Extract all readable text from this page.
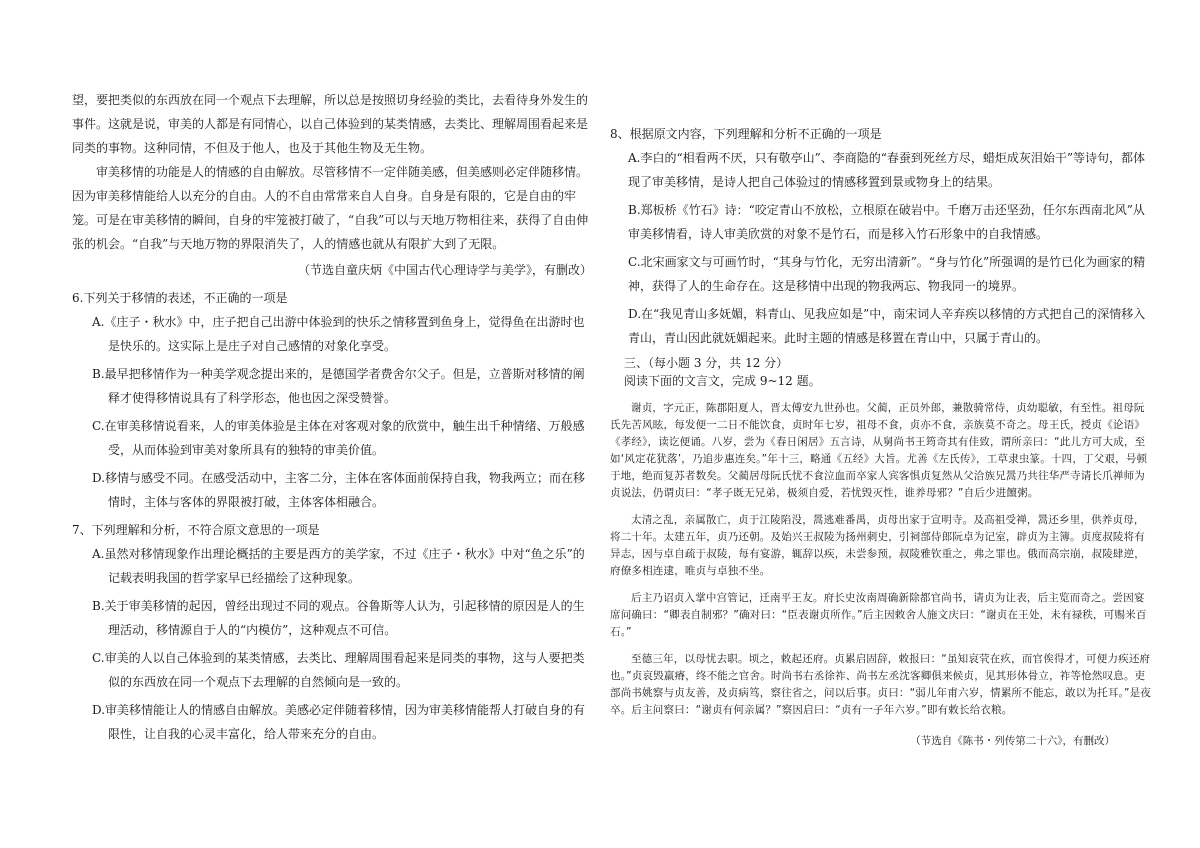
望，要把类似的东西放在同一个观点下去理解，所以总是按照切身经验的类比，去看待身外发生的事件。这就是说，审美的人都是有同情心，以自己体验到的某类情感，去类比、理解周围看起来是同类的事物。这种同情，不但及于他人，也及于其他生物及无生物。

审美移情的功能是人的情感的自由解放。尽管移情不一定伴随美感，但美感则必定伴随移情。因为审美移情能给人以充分的自由。人的不自由常常来自人自身。自身是有限的，它是自由的牢笼。可是在审美移情的瞬间，自身的牢笼被打破了，“自我”可以与天地万物相往来，获得了自由伸张的机会。“自我”与天地万物的界限消失了，人的情感也就从有限扩大到了无限。

（节选自童庆炳《中国古代心理诗学与美学》，有删改）

6.下列关于移情的表述，不正确的一项是

A.《庄子・秋水》中，庄子把自己出游中体验到的快乐之情移置到鱼身上，觉得鱼在出游时也是快乐的。这实际上是庄子对自己感情的对象化享受。

B.最早把移情作为一种美学观念提出来的，是德国学者费舍尔父子。但是，立普斯对移情的阐释才使得移情说具有了科学形态，他也因之深受赞誉。

C.在审美移情说看来，人的审美体验是主体在对客观对象的欣赏中，触生出千种情绪、万般感受，从而体验到审美对象所具有的独特的审美价值。

D.移情与感受不同。在感受活动中，主客二分，主体在客体面前保持自我，物我两立；而在移情时，主体与客体的界限被打破，主体客体相融合。

7、下列理解和分析，不符合原文意思的一项是

A.虽然对移情现象作出理论概括的主要是西方的美学家，不过《庄子・秋水》中对“鱼之乐”的记载表明我国的哲学家早已经描绘了这种现象。

B.关于审美移情的起因，曾经出现过不同的观点。谷鲁斯等人认为，引起移情的原因是人的生理活动，移情源自于人的“内模仿”，这种观点不可信。

C.审美的人以自己体验到的某类情感，去类比、理解周围看起来是同类的事物，这与人要把类似的东西放在同一个观点下去理解的自然倾向是一致的。

D.审美移情能让人的情感自由解放。美感必定伴随着移情，因为审美移情能帮人打破自身的有限性，让自我的心灵丰富化，给人带来充分的自由。

8、根据原文内容，下列理解和分析不正确的一项是

A.李白的“相看两不厌，只有敬亭山”、李商隐的“春蚕到死丝方尽，蜡炬成灰泪始干”等诗句，都体现了审美移情，是诗人把自己体验过的情感移置到景或物身上的结果。

B.郑板桥《竹石》诗：“咬定青山不放松，立根原在破岩中。千磨万击还坚劲，任尔东西南北风”从审美移情看，诗人审美欣赏的对象不是竹石，而是移入竹石形象中的自我情感。

C.北宋画家文与可画竹时，“其身与竹化，无穷出清新”。“身与竹化”所强调的是竹已化为画家的精神，获得了人的生命存在。这是移情中出现的物我两忘、物我同一的境界。

D.在“我见青山多妩媚，料青山、见我应如是”中，南宋词人辛弃疾以移情的方式把自己的深情移入青山，青山因此就妩媚起来。此时主题的情感是移置在青山中，只属于青山的。

三、（每小题 3 分，共 12 分）

阅读下面的文言文，完成 9~12 题。

谢贞，字元正，陈郡阳夏人，晋太傅安九世孙也。父蔺，正员外郎，兼散骑常侍，贞幼聪敏，有至性。祖母阮氏先苦风眩，每发便一二日不能饮食，贞时年七岁，祖母不食，贞亦不食，亲族莫不奇之。母王氏，授贞《论语》《孝经》，读讫便诵。八岁，尝为《春日闲居》五言诗，从舅尚书王筠奇其有佳致，谓所亲曰：“此儿方可大成，至如‘风定花犹落’，乃追步惠连矣。”年十三，略通《五经》大旨。尤善《左氏传》，工草隶虫篆。十四，丁父艰，号顿于地，绝而复苏者数矣。父蔺居母阮氏忧不食泣血而卒家人宾客惧贞复然从父洽族兄暠乃共往华严寺请长爪禅师为贞说法，仍谓贞曰：“孝子既无兄弟，极须自爱，若忧毁灭性，谁养母邪？”自后少进饘粥。

太清之乱，亲属散亡，贞于江陵陷没，暠逃难番禺，贞母出家于宣明寺。及高祖受禅，暠还乡里，供养贞母，将二十年。太建五年，贞乃还朝。及始兴王叔陵为扬州刺史，引祠部侍郎阮卓为记室，辟贞为主簿。贞度叔陵将有异志，因与卓自疏于叔陵，每有宴游，辄辞以疾，未尝参预，叔陵雅钦重之，弗之罪也。俄而高宗崩，叔陵肆逆，府僚多相连逮，唯贞与卓独不坐。

后主乃诏贞入掌中宫管记，迁南平王友。府长史汝南周确新除都官尚书，请贞为让表，后主览而奇之。尝因宴席问确曰：“卿表自制邪？”确对曰：“臣表谢贞所作。”后主因敕舍人施文庆曰：“谢贞在王处，未有禄秩，可赐米百石。”

至德三年，以母忧去职。顷之，敕起还府。贞累启固辞，敕报曰：“虽知哀茕在疚，而官俟得才，可便力疾还府也。”贞哀毁羸瘠，终不能之官舍。时尚书右丞徐祚、尚书左丞沈客卿俱来候贞，见其形体骨立，祚等怆然叹息。吏部尚书姚察与贞友善，及贞病笃，察往省之，问以后事。贞曰：“弱儿年甫六岁，情累所不能忘，敢以为托耳。”是夜卒。后主问察曰：“谢贞有何亲属？”察因启曰：“贞有一子年六岁。”即有敕长给衣粮。

（节选自《陈书・列传第二十六》，有删改）
